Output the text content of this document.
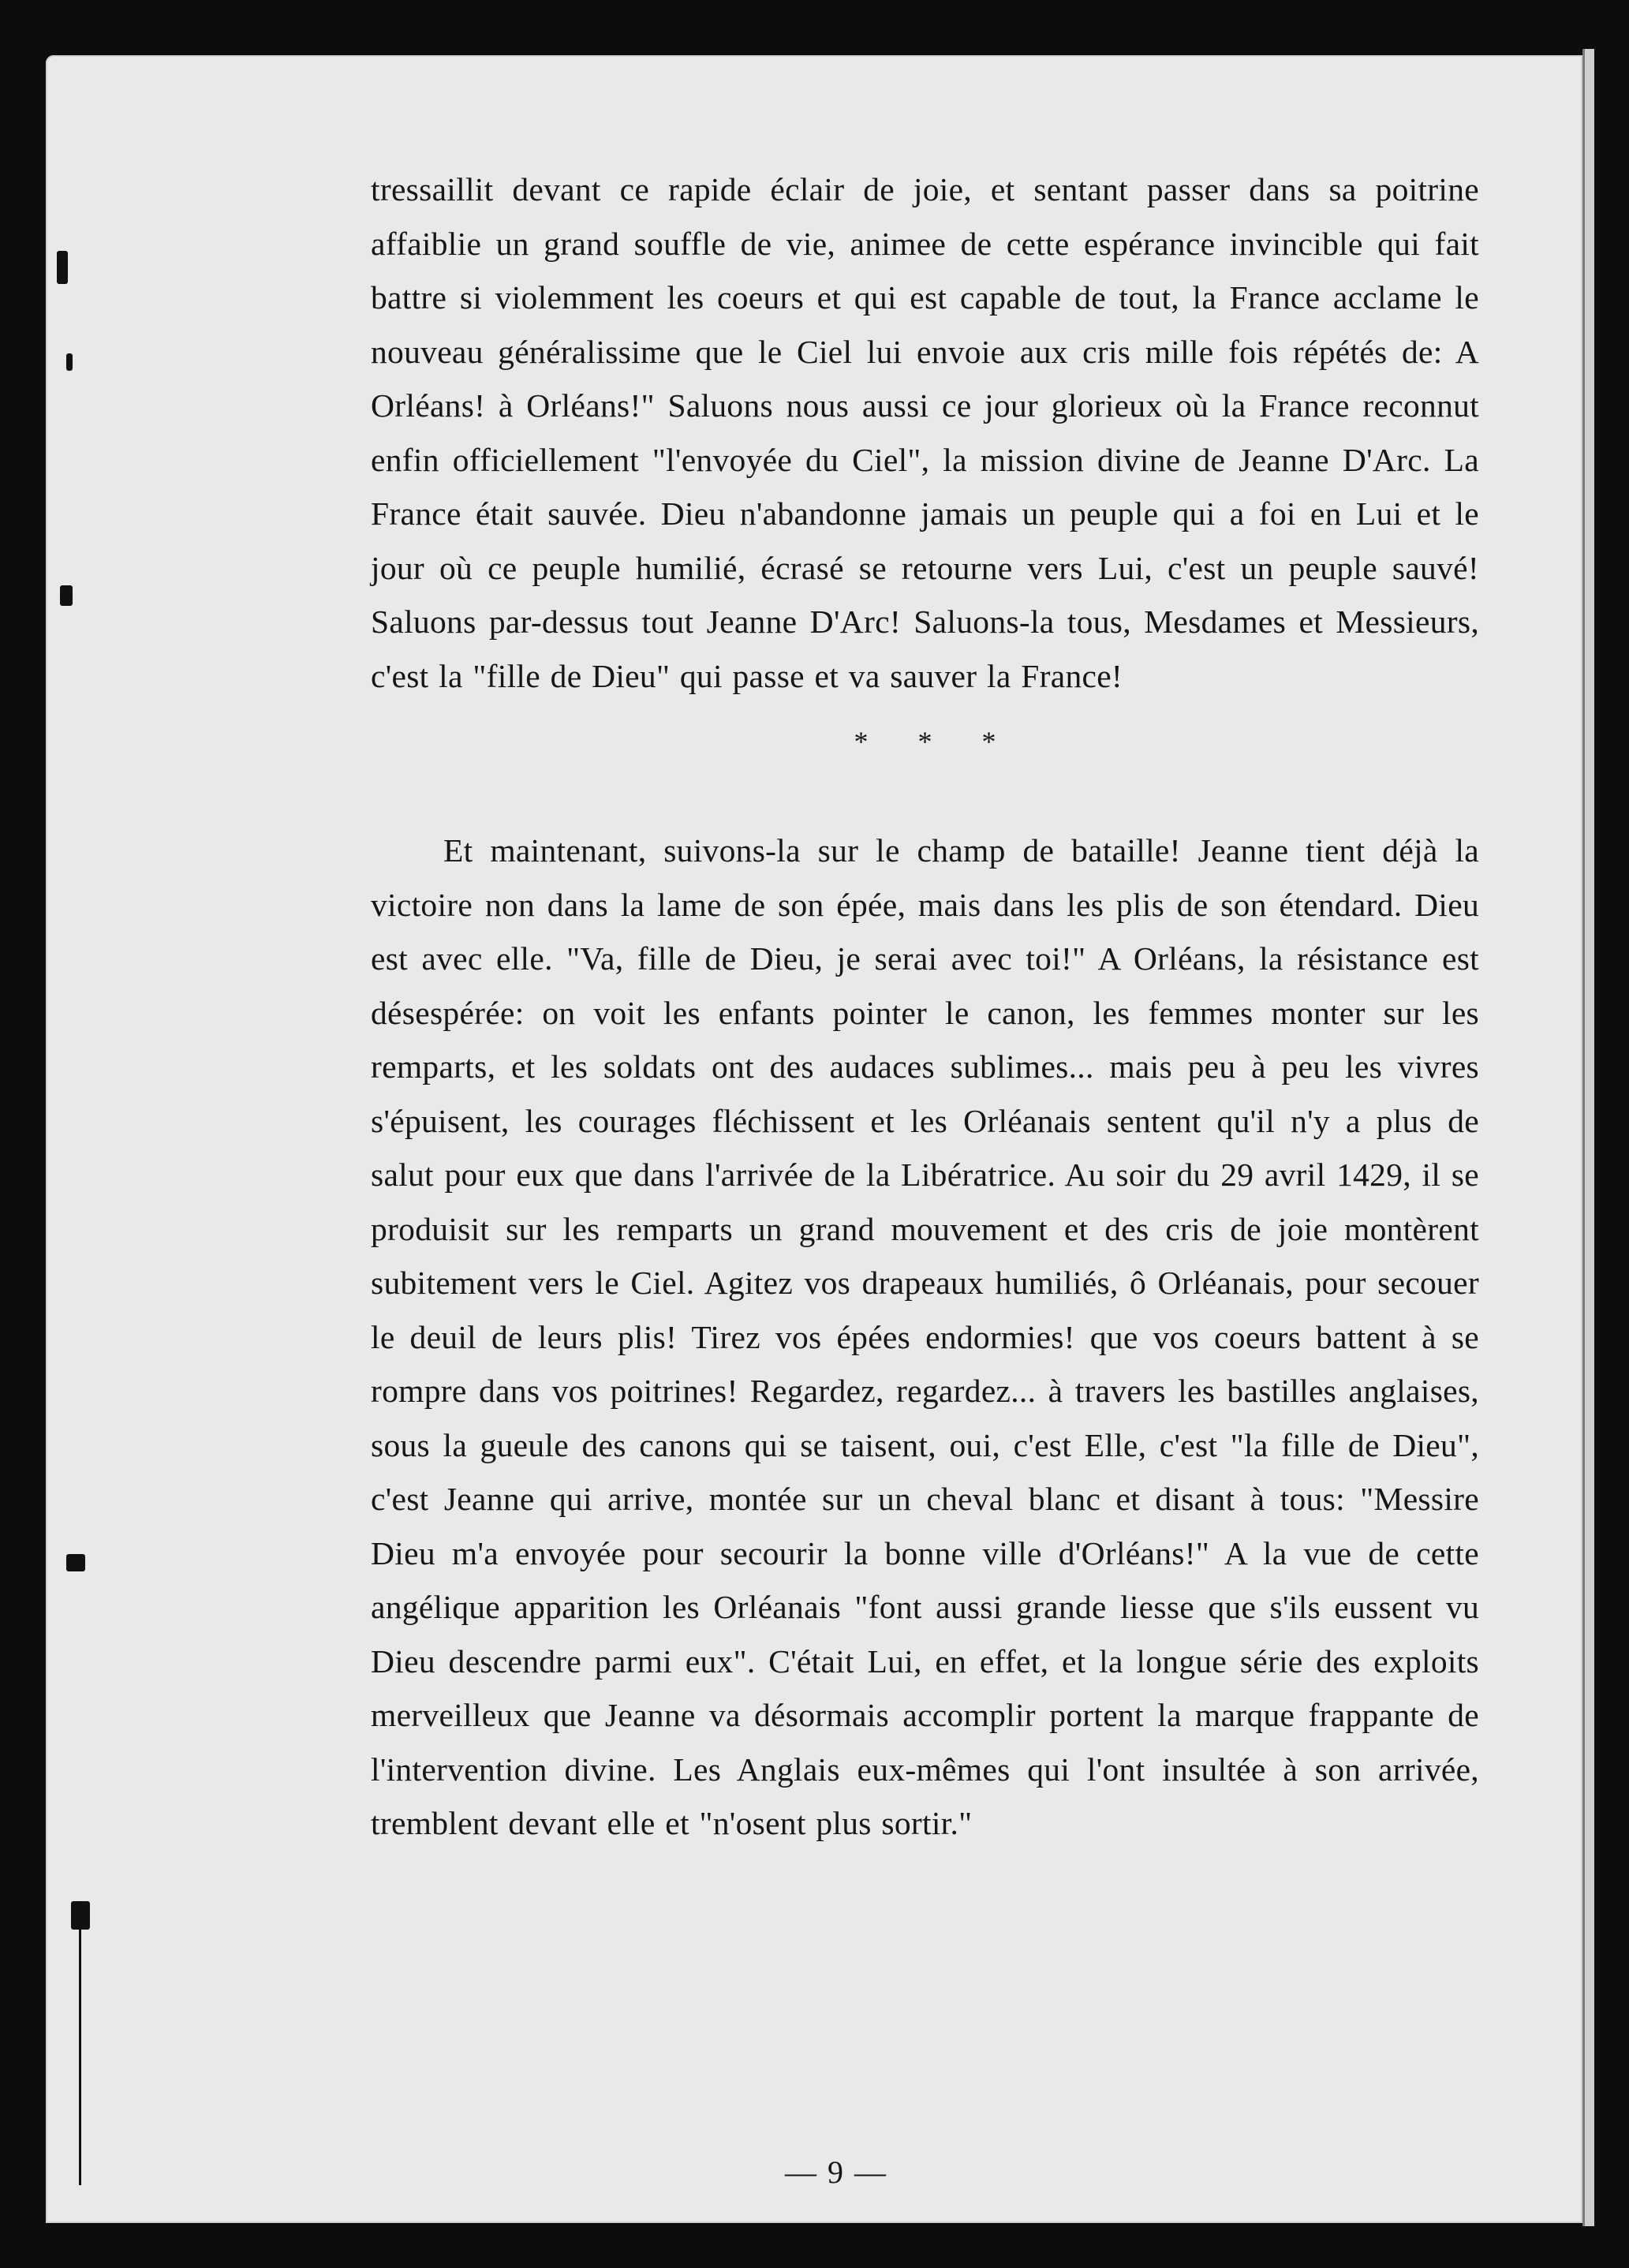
tressaillit devant ce rapide éclair de joie, et sentant passer dans sa poitrine affaiblie un grand souffle de vie, animee de cette espérance invincible qui fait battre si violemment les coeurs et qui est capable de tout, la France acclame le nouveau généralissime que le Ciel lui envoie aux cris mille fois répétés de: A Orléans! à Orléans!" Saluons nous aussi ce jour glorieux où la France reconnut enfin officiellement "l'envoyée du Ciel", la mission divine de Jeanne D'Arc. La France était sauvée. Dieu n'abandonne jamais un peuple qui a foi en Lui et le jour où ce peuple humilié, écrasé se retourne vers Lui, c'est un peuple sauvé! Saluons par-dessus tout Jeanne D'Arc! Saluons-la tous, Mesdames et Messieurs, c'est la "fille de Dieu" qui passe et va sauver la France!

* * *

Et maintenant, suivons-la sur le champ de bataille! Jeanne tient déjà la victoire non dans la lame de son épée, mais dans les plis de son étendard. Dieu est avec elle. "Va, fille de Dieu, je serai avec toi!" A Orléans, la résistance est désespérée: on voit les enfants pointer le canon, les femmes monter sur les remparts, et les soldats ont des audaces sublimes... mais peu à peu les vivres s'épuisent, les courages fléchissent et les Orléanais sentent qu'il n'y a plus de salut pour eux que dans l'arrivée de la Libératrice. Au soir du 29 avril 1429, il se produisit sur les remparts un grand mouvement et des cris de joie montèrent subitement vers le Ciel. Agitez vos drapeaux humiliés, ô Orléanais, pour secouer le deuil de leurs plis! Tirez vos épées endormies! que vos coeurs battent à se rompre dans vos poitrines! Regardez, regardez... à travers les bastilles anglaises, sous la gueule des canons qui se taisent, oui, c'est Elle, c'est "la fille de Dieu", c'est Jeanne qui arrive, montée sur un cheval blanc et disant à tous: "Messire Dieu m'a envoyée pour secourir la bonne ville d'Orléans!" A la vue de cette angélique apparition les Orléanais "font aussi grande liesse que s'ils eussent vu Dieu descendre parmi eux". C'était Lui, en effet, et la longue série des exploits merveilleux que Jeanne va désormais accomplir portent la marque frappante de l'intervention divine. Les Anglais eux-mêmes qui l'ont insultée à son arrivée, tremblent devant elle et "n'osent plus sortir."

— 9 —
